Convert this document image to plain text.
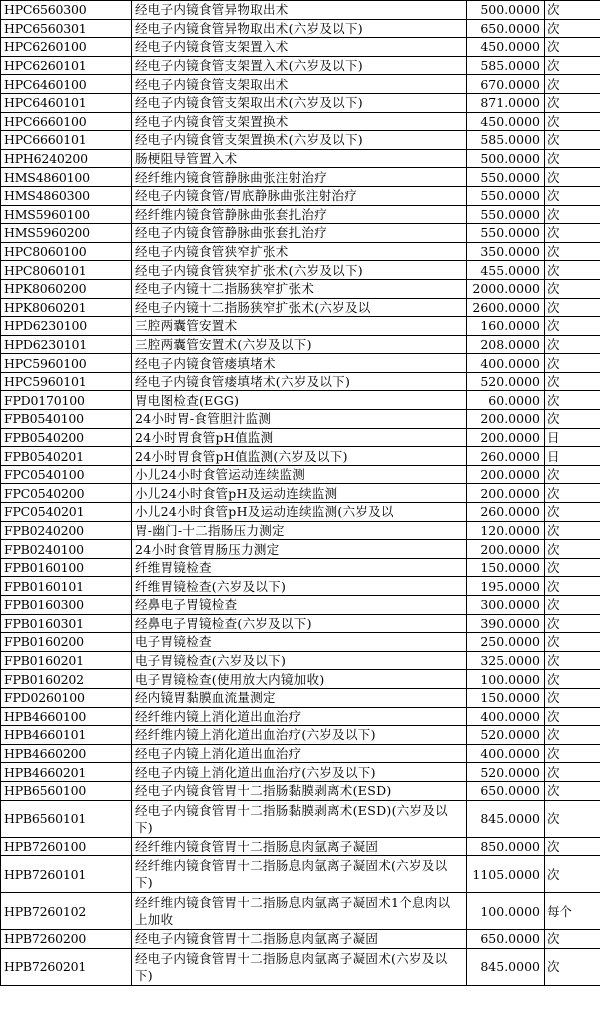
HPC6560300	经电子内镜食管异物取出术	500.0000	次
HPC6560301	经电子内镜食管异物取出术(六岁及以下)	650.0000	次
HPC6260100	经电子内镜食管支架置入术	450.0000	次
HPC6260101	经电子内镜食管支架置入术(六岁及以下)	585.0000	次
HPC6460100	经电子内镜食管支架取出术	670.0000	次
HPC6460101	经电子内镜食管支架取出术(六岁及以下)	871.0000	次
HPC6660100	经电子内镜食管支架置换术	450.0000	次
HPC6660101	经电子内镜食管支架置换术(六岁及以下)	585.0000	次
HPH6240200	肠梗阻导管置入术	500.0000	次
HMS4860100	经纤维内镜食管静脉曲张注射治疗	550.0000	次
HMS4860300	经电子内镜食管/胃底静脉曲张注射治疗	550.0000	次
HMS5960100	经纤维内镜食管静脉曲张套扎治疗	550.0000	次
HMS5960200	经电子内镜食管静脉曲张套扎治疗	550.0000	次
HPC8060100	经电子内镜食管狭窄扩张术	350.0000	次
HPC8060101	经电子内镜食管狭窄扩张术(六岁及以下)	455.0000	次
HPK8060200	经电子内镜十二指肠狭窄扩张术	2000.0000	次
HPK8060201	经电子内镜十二指肠狭窄扩张术(六岁及以	2600.0000	次
HPD6230100	三腔两囊管安置术	160.0000	次
HPD6230101	三腔两囊管安置术(六岁及以下)	208.0000	次
HPC5960100	经电子内镜食管瘘填堵术	400.0000	次
HPC5960101	经电子内镜食管瘘填堵术(六岁及以下)	520.0000	次
FPD0170100	胃电图检查(EGG)	60.0000	次
FPB0540100	24小时胃-食管胆汁监测	200.0000	次
FPB0540200	24小时胃食管pH值监测	200.0000	日
FPB0540201	24小时胃食管pH值监测(六岁及以下)	260.0000	日
FPC0540100	小儿24小时食管运动连续监测	200.0000	次
FPC0540200	小儿24小时食管pH及运动连续监测	200.0000	次
FPC0540201	小儿24小时食管pH及运动连续监测(六岁及以	260.0000	次
FPB0240200	胃-幽门-十二指肠压力测定	120.0000	次
FPB0240100	24小时食管胃肠压力测定	200.0000	次
FPB0160100	纤维胃镜检查	150.0000	次
FPB0160101	纤维胃镜检查(六岁及以下)	195.0000	次
FPB0160300	经鼻电子胃镜检查	300.0000	次
FPB0160301	经鼻电子胃镜检查(六岁及以下)	390.0000	次
FPB0160200	电子胃镜检查	250.0000	次
FPB0160201	电子胃镜检查(六岁及以下)	325.0000	次
FPB0160202	电子胃镜检查(使用放大内镜加收)	100.0000	次
FPD0260100	经内镜胃黏膜血流量测定	150.0000	次
HPB4660100	经纤维内镜上消化道出血治疗	400.0000	次
HPB4660101	经纤维内镜上消化道出血治疗(六岁及以下)	520.0000	次
HPB4660200	经电子内镜上消化道出血治疗	400.0000	次
HPB4660201	经电子内镜上消化道出血治疗(六岁及以下)	520.0000	次
HPB6560100	经电子内镜食管胃十二指肠黏膜剥离术(ESD)	650.0000	次
HPB6560101	经电子内镜食管胃十二指肠黏膜剥离术(ESD)(六岁及以下)	845.0000	次
HPB7260100	经纤维内镜食管胃十二指肠息肉氩离子凝固	850.0000	次
HPB7260101	经纤维内镜食管胃十二指肠息肉氩离子凝固术(六岁及以下)	1105.0000	次
HPB7260102	经纤维内镜食管胃十二指肠息肉氩离子凝固术1个息肉以上加收	100.0000	每个
HPB7260200	经电子内镜食管胃十二指肠息肉氩离子凝固	650.0000	次
HPB7260201	经电子内镜食管胃十二指肠息肉氩离子凝固术(六岁及以下)	845.0000	次
